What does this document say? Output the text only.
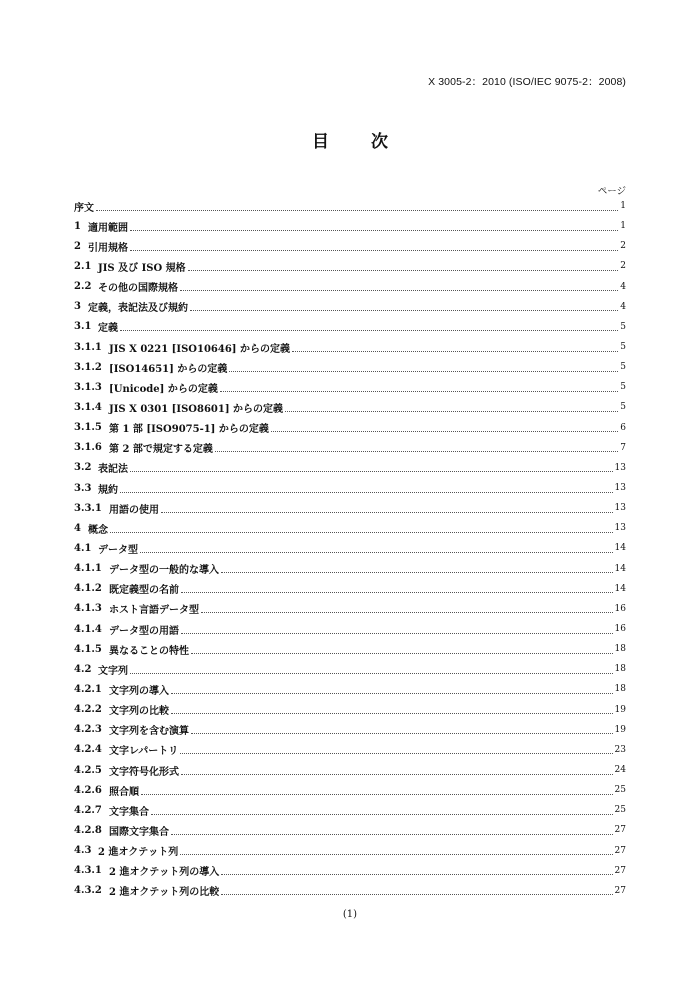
X 3005-2：2010 (ISO/IEC 9075-2：2008)
目 次
ページ
序文	1
1 適用範囲	1
2 引用規格	2
2.1 JIS 及び ISO 規格	2
2.2 その他の国際規格	4
3 定義，表記法及び規約	4
3.1 定義	5
3.1.1 JIS X 0221 [ISO10646] からの定義	5
3.1.2 [ISO14651] からの定義	5
3.1.3 [Unicode] からの定義	5
3.1.4 JIS X 0301 [ISO8601] からの定義	5
3.1.5 第 1 部 [ISO9075-1] からの定義	6
3.1.6 第 2 部で規定する定義	7
3.2 表記法	13
3.3 規約	13
3.3.1 用語の使用	13
4 概念	13
4.1 データ型	14
4.1.1 データ型の一般的な導入	14
4.1.2 既定義型の名前	14
4.1.3 ホスト言語データ型	16
4.1.4 データ型の用語	16
4.1.5 異なることの特性	18
4.2 文字列	18
4.2.1 文字列の導入	18
4.2.2 文字列の比較	19
4.2.3 文字列を含む演算	19
4.2.4 文字レパートリ	23
4.2.5 文字符号化形式	24
4.2.6 照合順	25
4.2.7 文字集合	25
4.2.8 国際文字集合	27
4.3 2 進オクテット列	27
4.3.1 2 進オクテット列の導入	27
4.3.2 2 進オクテット列の比較	27
(1)
